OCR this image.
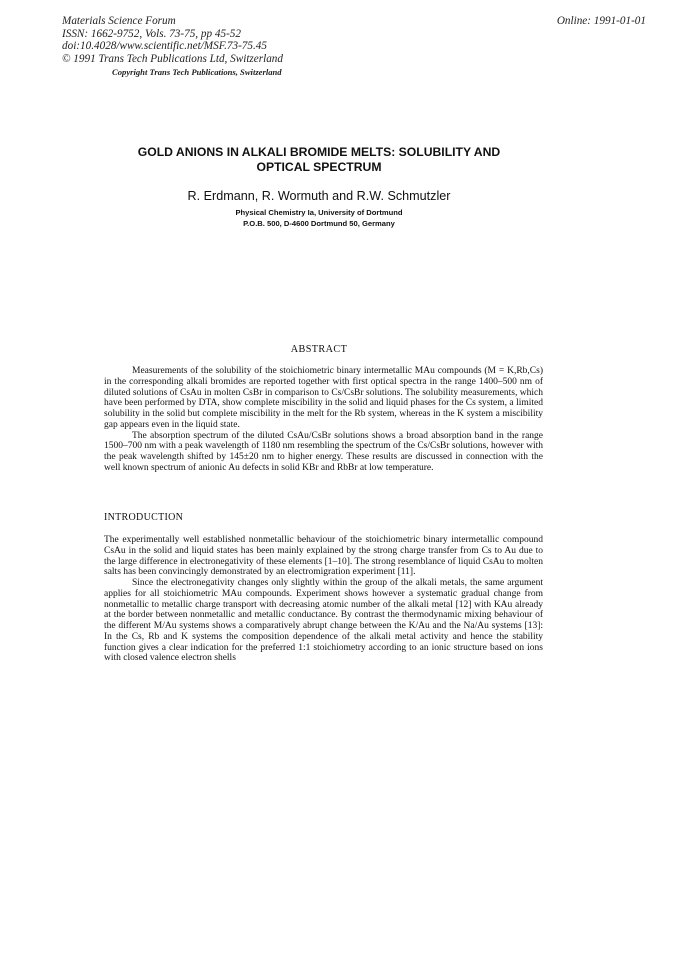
Materials Science Forum
ISSN: 1662-9752, Vols. 73-75, pp 45-52
doi:10.4028/www.scientific.net/MSF.73-75.45
© 1991 Trans Tech Publications Ltd, Switzerland
Online: 1991-01-01
Copyright Trans Tech Publications, Switzerland
GOLD ANIONS IN ALKALI BROMIDE MELTS: SOLUBILITY AND
OPTICAL SPECTRUM
R. Erdmann, R. Wormuth and R.W. Schmutzler
Physical Chemistry Ia, University of Dortmund
P.O.B. 500, D-4600 Dortmund 50, Germany
ABSTRACT

Measurements of the solubility of the stoichiometric binary intermetallic MAu compounds (M = K,Rb,Cs) in the corresponding alkali bromides are reported together with first optical spectra in the range 1400–500 nm of diluted solutions of CsAu in molten CsBr in comparison to Cs/CsBr solutions. The solubility measurements, which have been performed by DTA, show complete miscibility in the solid and liquid phases for the Cs system, a limited solubility in the solid but complete miscibility in the melt for the Rb system, whereas in the K system a miscibility gap appears even in the liquid state.

The absorption spectrum of the diluted CsAu/CsBr solutions shows a broad absorption band in the range 1500–700 nm with a peak wavelength of 1180 nm resembling the spectrum of the Cs/CsBr solutions, however with the peak wavelength shifted by 145±20 nm to higher energy. These results are discussed in connection with the well known spectrum of anionic Au defects in solid KBr and RbBr at low temperature.

INTRODUCTION

The experimentally well established nonmetallic behaviour of the stoichiometric binary intermetallic compound CsAu in the solid and liquid states has been mainly explained by the strong charge transfer from Cs to Au due to the large difference in electronegativity of these elements [1–10]. The strong resemblance of liquid CsAu to molten salts has been convincingly demonstrated by an electromigration experiment [11].

Since the electronegativity changes only slightly within the group of the alkali metals, the same argument applies for all stoichiometric MAu compounds. Experiment shows however a systematic gradual change from nonmetallic to metallic charge transport with decreasing atomic number of the alkali metal [12] with KAu already at the border between nonmetallic and metallic conductance. By contrast the thermodynamic mixing behaviour of the different M/Au systems shows a comparatively abrupt change between the K/Au and the Na/Au systems [13]: In the Cs, Rb and K systems the composition dependence of the alkali metal activity and hence the stability function gives a clear indication for the preferred 1:1 stoichiometry according to an ionic structure based on ions with closed valence electron shells
